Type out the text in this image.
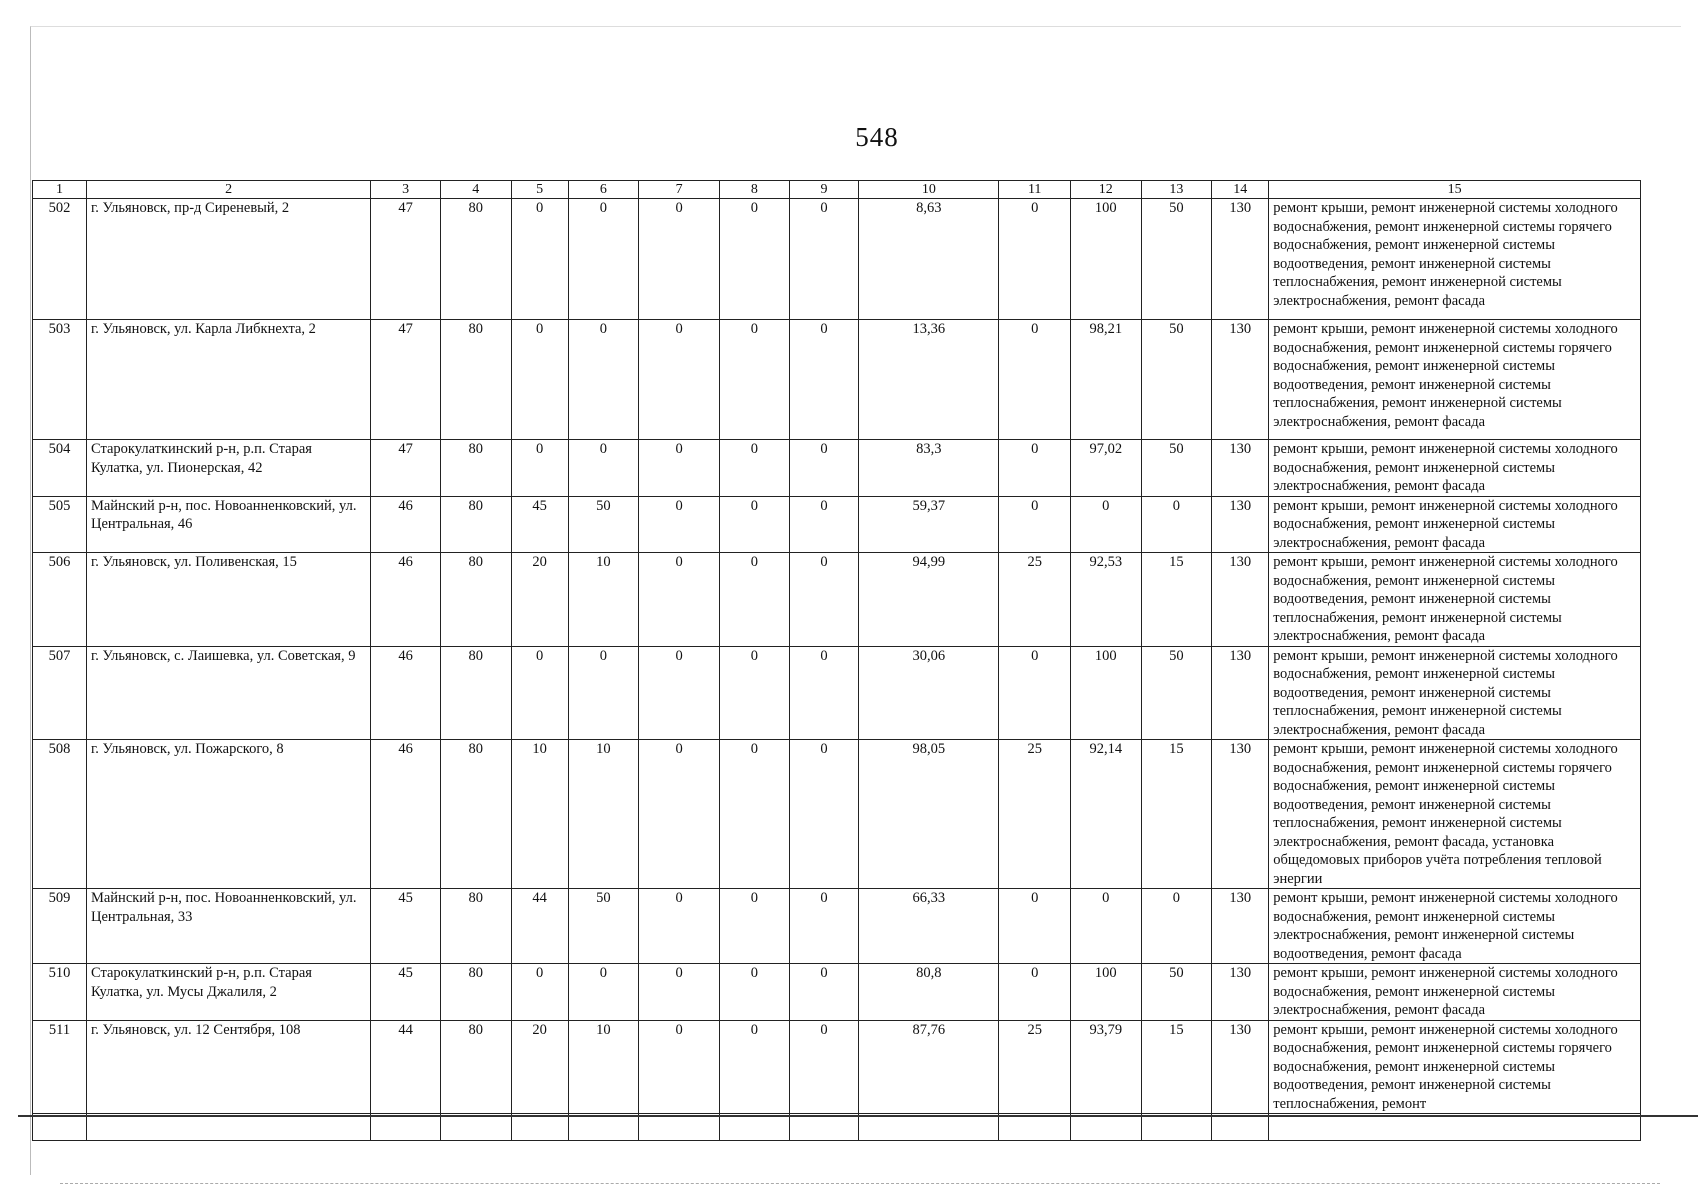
548
1	2	3	4	5	6	7	8	9	10	11	12	13	14	15
502	г. Ульяновск, пр-д Сиреневый, 2	47	80	0	0	0	0	0	8,63	0	100	50	130	ремонт крыши, ремонт инженерной системы холодного водоснабжения, ремонт инженерной системы горячего водоснабжения, ремонт инженерной системы водоотведения, ремонт инженерной системы теплоснабжения, ремонт инженерной системы электроснабжения, ремонт фасада
503	г. Ульяновск, ул. Карла Либкнехта, 2	47	80	0	0	0	0	0	13,36	0	98,21	50	130	ремонт крыши, ремонт инженерной системы холодного водоснабжения, ремонт инженерной системы горячего водоснабжения, ремонт инженерной системы водоотведения, ремонт инженерной системы теплоснабжения, ремонт инженерной системы электроснабжения, ремонт фасада
504	Старокулаткинский р-н, р.п. Старая Кулатка, ул. Пионерская, 42	47	80	0	0	0	0	0	83,3	0	97,02	50	130	ремонт крыши, ремонт инженерной системы холодного водоснабжения, ремонт инженерной системы электроснабжения, ремонт фасада
505	Майнский р-н, пос. Новоанненковский, ул. Центральная, 46	46	80	45	50	0	0	0	59,37	0	0	0	130	ремонт крыши, ремонт инженерной системы холодного водоснабжения, ремонт инженерной системы электроснабжения, ремонт фасада
506	г. Ульяновск, ул. Поливенская, 15	46	80	20	10	0	0	0	94,99	25	92,53	15	130	ремонт крыши, ремонт инженерной системы холодного водоснабжения, ремонт инженерной системы водоотведения, ремонт инженерной системы теплоснабжения, ремонт инженерной системы электроснабжения, ремонт фасада
507	г. Ульяновск, с. Лаишевка, ул. Советская, 9	46	80	0	0	0	0	0	30,06	0	100	50	130	ремонт крыши, ремонт инженерной системы холодного водоснабжения, ремонт инженерной системы водоотведения, ремонт инженерной системы теплоснабжения, ремонт инженерной системы электроснабжения, ремонт фасада
508	г. Ульяновск, ул. Пожарского, 8	46	80	10	10	0	0	0	98,05	25	92,14	15	130	ремонт крыши, ремонт инженерной системы холодного водоснабжения, ремонт инженерной системы горячего водоснабжения, ремонт инженерной системы водоотведения, ремонт инженерной системы теплоснабжения, ремонт инженерной системы электроснабжения, ремонт фасада, установка общедомовых приборов учёта потребления тепловой энергии
509	Майнский р-н, пос. Новоанненковский, ул. Центральная, 33	45	80	44	50	0	0	0	66,33	0	0	0	130	ремонт крыши, ремонт инженерной системы холодного водоснабжения, ремонт инженерной системы электроснабжения, ремонт инженерной системы водоотведения, ремонт фасада
510	Старокулаткинский р-н, р.п. Старая Кулатка, ул. Мусы Джалиля, 2	45	80	0	0	0	0	0	80,8	0	100	50	130	ремонт крыши, ремонт инженерной системы холодного водоснабжения, ремонт инженерной системы электроснабжения, ремонт фасада
511	г. Ульяновск, ул. 12 Сентября, 108	44	80	20	10	0	0	0	87,76	25	93,79	15	130	ремонт крыши, ремонт инженерной системы холодного водоснабжения, ремонт инженерной системы горячего водоснабжения, ремонт инженерной системы водоотведения, ремонт инженерной системы теплоснабжения, ремонт
